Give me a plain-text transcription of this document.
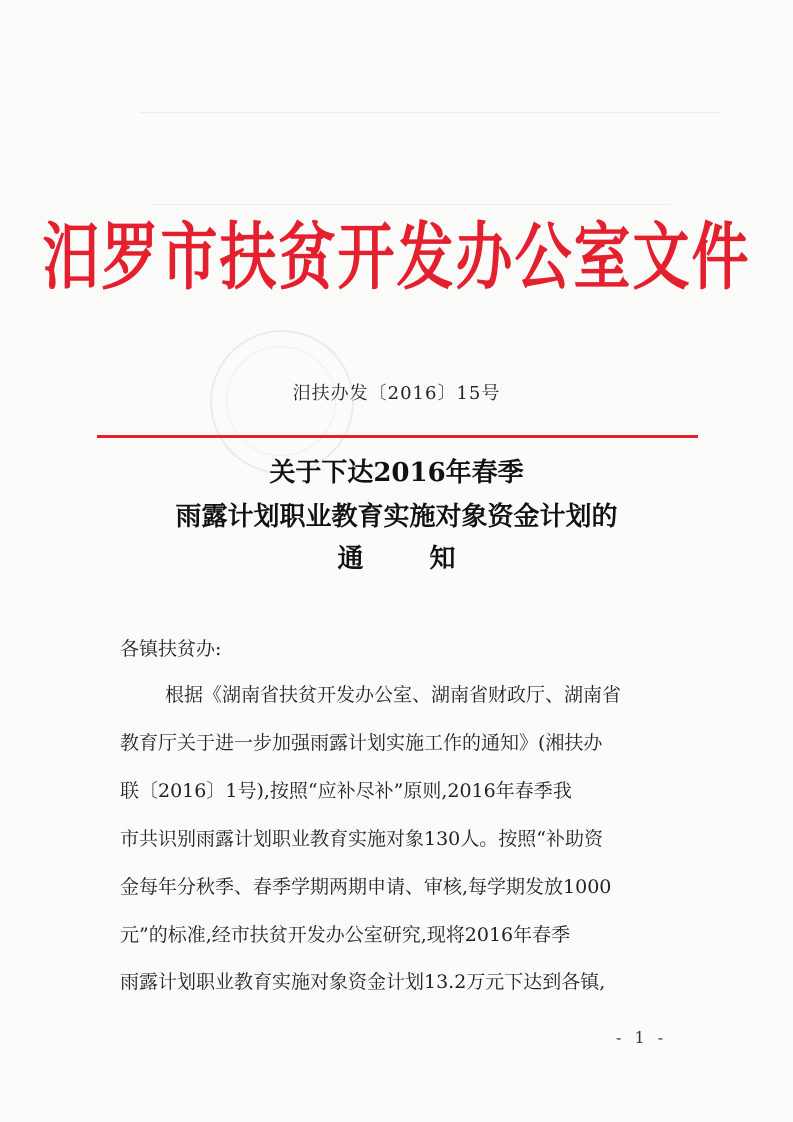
汨罗市扶贫开发办公室文件
汨扶办发〔2016〕15号
关于下达2016年春季
雨露计划职业教育实施对象资金计划的
通	知
各镇扶贫办:
根据《湖南省扶贫开发办公室、湖南省财政厅、湖南省
教育厅关于进一步加强雨露计划实施工作的通知》(湘扶办
联〔2016〕1号),按照“应补尽补”原则,2016年春季我
市共识别雨露计划职业教育实施对象130人。按照“补助资
金每年分秋季、春季学期两期申请、审核,每学期发放1000
元”的标准,经市扶贫开发办公室研究,现将2016年春季
雨露计划职业教育实施对象资金计划13.2万元下达到各镇,
- 1 -
